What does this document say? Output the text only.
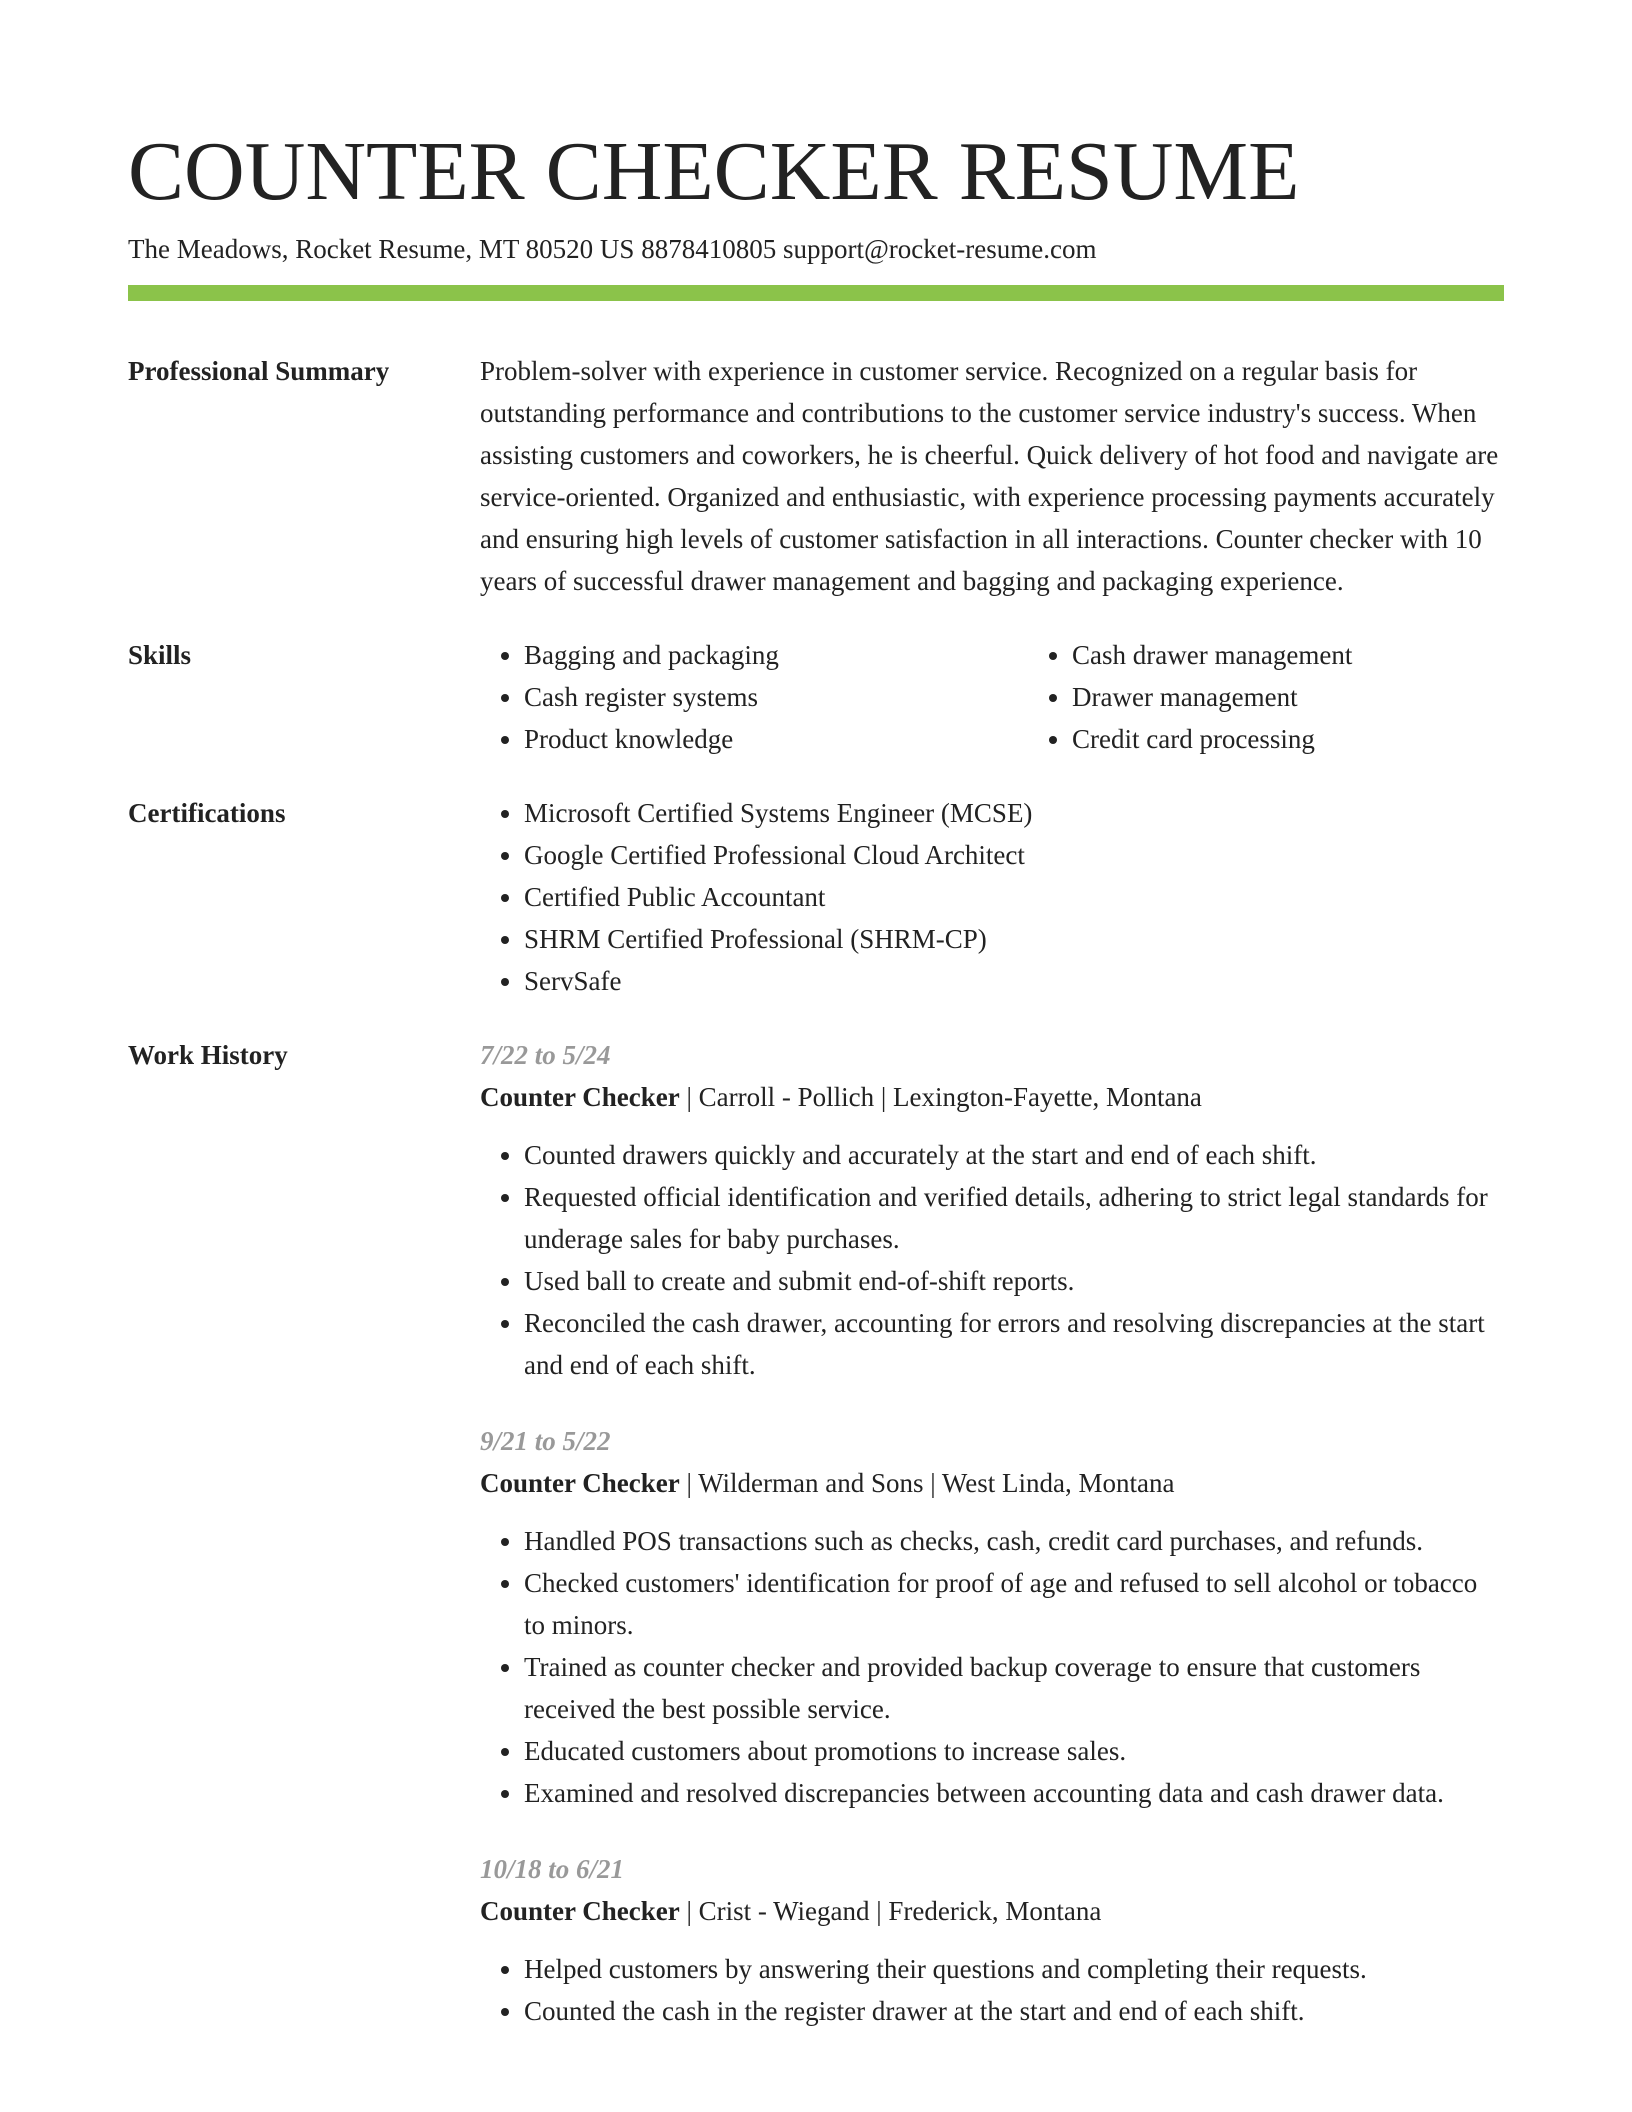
COUNTER CHECKER RESUME
The Meadows, Rocket Resume, MT 80520 US 8878410805 support@rocket-resume.com
Professional Summary	Problem-solver with experience in customer service. Recognized on a regular basis for outstanding performance and contributions to the customer service industry's success. When assisting customers and coworkers, he is cheerful. Quick delivery of hot food and navigate are service-oriented. Organized and enthusiastic, with experience processing payments accurately and ensuring high levels of customer satisfaction in all interactions. Counter checker with 10 years of successful drawer management and bagging and packaging experience.

Skills	• Bagging and packaging
• Cash register systems
• Product knowledge
• Cash drawer management
• Drawer management
• Credit card processing
Certifications	• Microsoft Certified Systems Engineer (MCSE)
• Google Certified Professional Cloud Architect
• Certified Public Accountant
• SHRM Certified Professional (SHRM-CP)
• ServSafe
Work History	7/22 to 5/24
Counter Checker | Carroll - Pollich | Lexington-Fayette, Montana
• Counted drawers quickly and accurately at the start and end of each shift.
• Requested official identification and verified details, adhering to strict legal standards for underage sales for baby purchases.
• Used ball to create and submit end-of-shift reports.
• Reconciled the cash drawer, accounting for errors and resolving discrepancies at the start and end of each shift.
9/21 to 5/22
Counter Checker | Wilderman and Sons | West Linda, Montana
• Handled POS transactions such as checks, cash, credit card purchases, and refunds.
• Checked customers' identification for proof of age and refused to sell alcohol or tobacco to minors.
• Trained as counter checker and provided backup coverage to ensure that customers received the best possible service.
• Educated customers about promotions to increase sales.
• Examined and resolved discrepancies between accounting data and cash drawer data.
10/18 to 6/21
Counter Checker | Crist - Wiegand | Frederick, Montana
• Helped customers by answering their questions and completing their requests.
• Counted the cash in the register drawer at the start and end of each shift.
